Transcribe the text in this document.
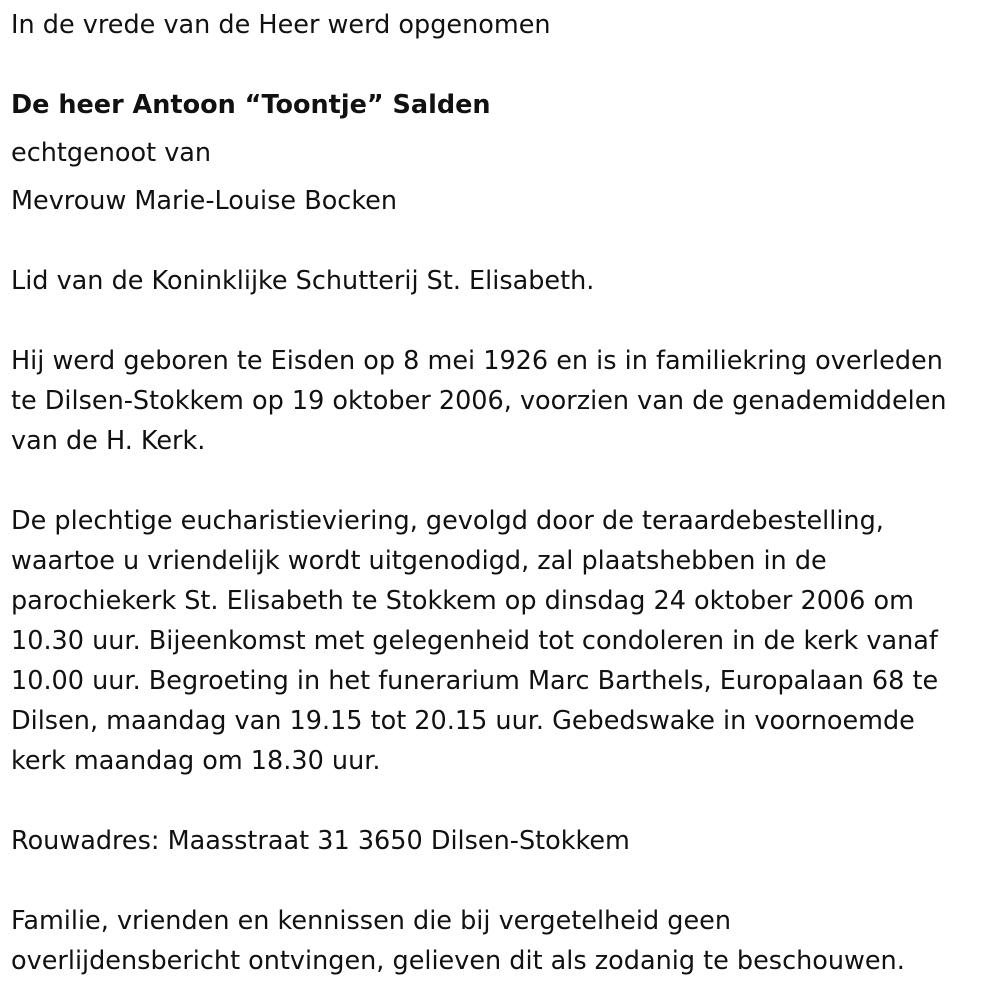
In de vrede van de Heer werd opgenomen
De heer Antoon “Toontje” Salden
echtgenoot van
Mevrouw Marie-Louise Bocken
Lid van de Koninklijke Schutterij St. Elisabeth.
Hij werd geboren te Eisden op 8 mei 1926 en is in familiekring overleden
te Dilsen-Stokkem op 19 oktober 2006, voorzien van de genademiddelen
van de H. Kerk.
De plechtige eucharistieviering, gevolgd door de teraardebestelling,
waartoe u vriendelijk wordt uitgenodigd, zal plaatshebben in de
parochiekerk St. Elisabeth te Stokkem op dinsdag 24 oktober 2006 om
10.30 uur. Bijeenkomst met gelegenheid tot condoleren in de kerk vanaf
10.00 uur. Begroeting in het funerarium Marc Barthels, Europalaan 68 te
Dilsen, maandag van 19.15 tot 20.15 uur. Gebedswake in voornoemde
kerk maandag om 18.30 uur.
Rouwadres: Maasstraat 31 3650 Dilsen-Stokkem
Familie, vrienden en kennissen die bij vergetelheid geen
overlijdensbericht ontvingen, gelieven dit als zodanig te beschouwen.
